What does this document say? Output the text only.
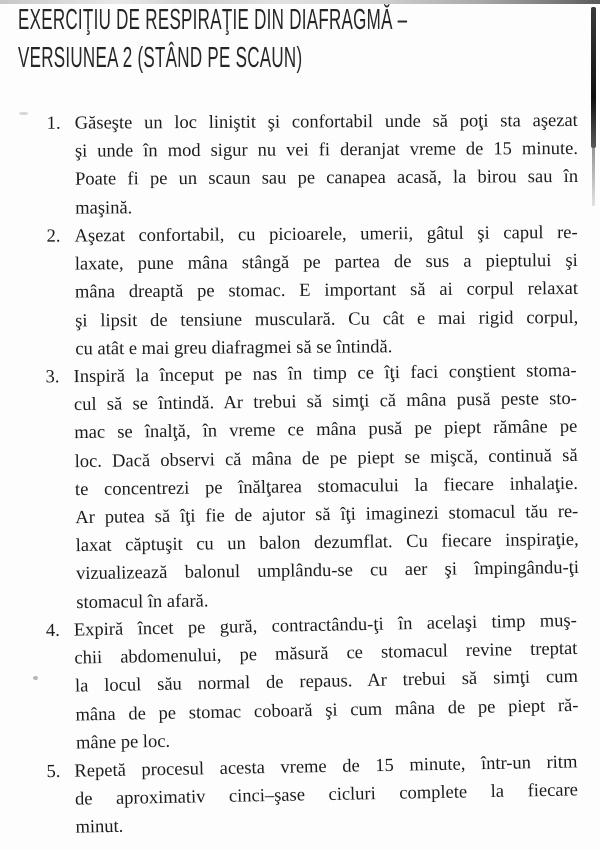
EXERCIŢIU DE RESPIRAŢIE DIN DIAFRAGMĂ –
VERSIUNEA 2 (STÂND PE SCAUN)
1. Găseşte un loc liniştit şi confortabil unde să poţi sta aşezat
şi unde în mod sigur nu vei fi deranjat vreme de 15 minute.
Poate fi pe un scaun sau pe canapea acasă, la birou sau în
maşină.
2. Aşezat confortabil, cu picioarele, umerii, gâtul şi capul re-
laxate, pune mâna stângă pe partea de sus a pieptului şi
mâna dreaptă pe stomac. E important să ai corpul relaxat
şi lipsit de tensiune musculară. Cu cât e mai rigid corpul,
cu atât e mai greu diafragmei să se întindă.
3. Inspiră la început pe nas în timp ce îţi faci conştient stoma-
cul să se întindă. Ar trebui să simţi că mâna pusă peste sto-
mac se înalţă, în vreme ce mâna pusă pe piept rămâne pe
loc. Dacă observi că mâna de pe piept se mişcă, continuă să
te concentrezi pe înălţarea stomacului la fiecare inhalaţie.
Ar putea să îţi fie de ajutor să îţi imaginezi stomacul tău re-
laxat căptuşit cu un balon dezumflat. Cu fiecare inspiraţie,
vizualizează balonul umplându-se cu aer şi împingându-ţi
stomacul în afară.
4. Expiră încet pe gură, contractându-ţi în acelaşi timp muş-
chii abdomenului, pe măsură ce stomacul revine treptat
la locul său normal de repaus. Ar trebui să simţi cum
mâna de pe stomac coboară şi cum mâna de pe piept ră-
mâne pe loc.
5. Repetă procesul acesta vreme de 15 minute, într-un ritm
de aproximativ cinci–şase cicluri complete la fiecare
minut.
